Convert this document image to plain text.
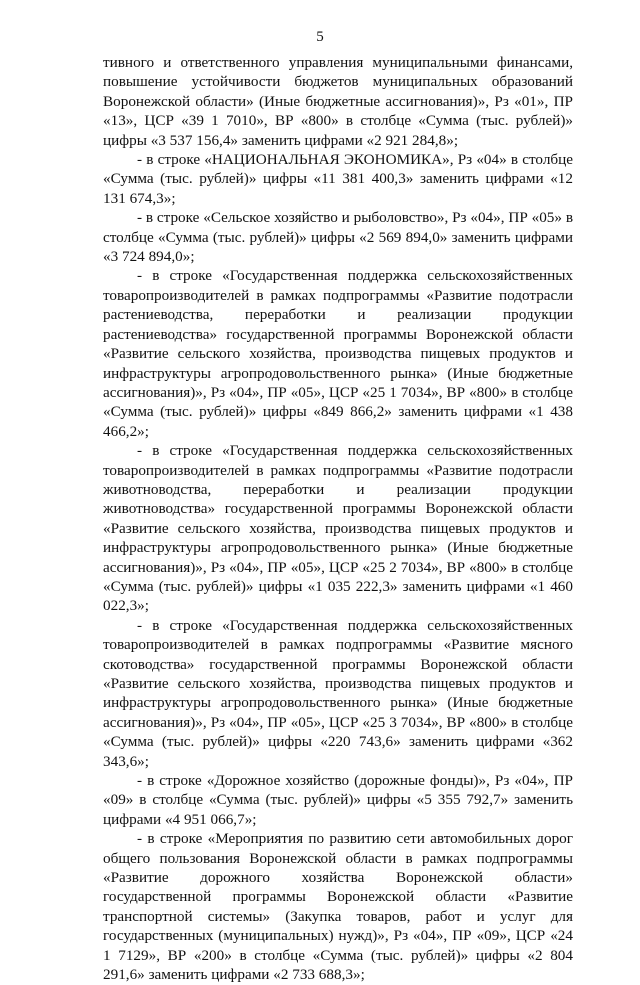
5

тивного и ответственного управления муниципальными финансами, повышение устойчивости бюджетов муниципальных образований Воронежской области» (Иные бюджетные ассигнования)», Рз «01», ПР «13», ЦСР «39 1 7010», ВР «800» в столбце «Сумма (тыс. рублей)» цифры «3 537 156,4» заменить цифрами «2 921 284,8»;

- в строке «НАЦИОНАЛЬНАЯ ЭКОНОМИКА», Рз «04» в столбце «Сумма (тыс. рублей)» цифры «11 381 400,3» заменить цифрами «12 131 674,3»;

- в строке «Сельское хозяйство и рыболовство», Рз «04», ПР «05» в столбце «Сумма (тыс. рублей)» цифры «2 569 894,0» заменить цифрами «3 724 894,0»;

- в строке «Государственная поддержка сельскохозяйственных товаропроизводителей в рамках подпрограммы «Развитие подотрасли растениеводства, переработки и реализации продукции растениеводства» государственной программы Воронежской области «Развитие сельского хозяйства, производства пищевых продуктов и инфраструктуры агропродовольственного рынка» (Иные бюджетные ассигнования)», Рз «04», ПР «05», ЦСР «25 1 7034», ВР «800» в столбце «Сумма (тыс. рублей)» цифры «849 866,2» заменить цифрами «1 438 466,2»;

- в строке «Государственная поддержка сельскохозяйственных товаропроизводителей в рамках подпрограммы «Развитие подотрасли животноводства, переработки и реализации продукции животноводства» государственной программы Воронежской области «Развитие сельского хозяйства, производства пищевых продуктов и инфраструктуры агропродовольственного рынка» (Иные бюджетные ассигнования)», Рз «04», ПР «05», ЦСР «25 2 7034», ВР «800» в столбце «Сумма (тыс. рублей)» цифры «1 035 222,3» заменить цифрами «1 460 022,3»;

- в строке «Государственная поддержка сельскохозяйственных товаропроизводителей в рамках подпрограммы «Развитие мясного скотоводства» государственной программы Воронежской области «Развитие сельского хозяйства, производства пищевых продуктов и инфраструктуры агропродовольственного рынка» (Иные бюджетные ассигнования)», Рз «04», ПР «05», ЦСР «25 3 7034», ВР «800» в столбце «Сумма (тыс. рублей)» цифры «220 743,6» заменить цифрами «362 343,6»;

- в строке «Дорожное хозяйство (дорожные фонды)», Рз «04», ПР «09» в столбце «Сумма (тыс. рублей)» цифры «5 355 792,7» заменить цифрами «4 951 066,7»;

- в строке «Мероприятия по развитию сети автомобильных дорог общего пользования Воронежской области в рамках подпрограммы «Развитие дорожного хозяйства Воронежской области» государственной программы Воронежской области «Развитие транспортной системы» (Закупка товаров, работ и услуг для государственных (муниципальных) нужд)», Рз «04», ПР «09», ЦСР «24 1 7129», ВР «200» в столбце «Сумма (тыс. рублей)» цифры «2 804 291,6» заменить цифрами «2 733 688,3»;
